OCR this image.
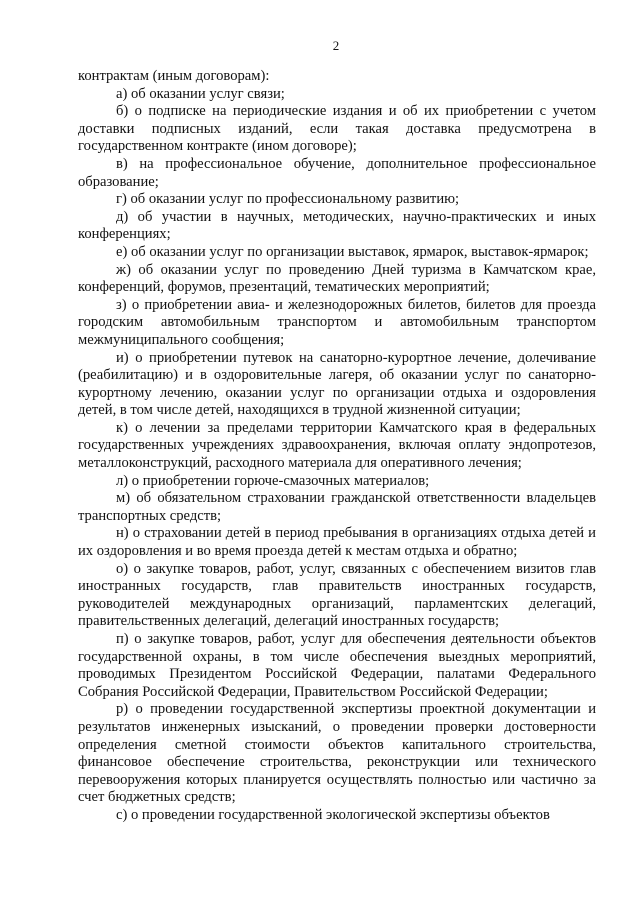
2

контрактам (иным договорам):

а) об оказании услуг связи;

б) о подписке на периодические издания и об их приобретении с учетом доставки подписных изданий, если такая доставка предусмотрена в государственном контракте (ином договоре);

в) на профессиональное обучение, дополнительное профессиональное образование;

г) об оказании услуг по профессиональному развитию;

д) об участии в научных, методических, научно-практических и иных конференциях;

е) об оказании услуг по организации выставок, ярмарок, выставок-ярмарок;

ж) об оказании услуг по проведению Дней туризма в Камчатском крае, конференций, форумов, презентаций, тематических мероприятий;

з) о приобретении авиа- и железнодорожных билетов, билетов для проезда городским автомобильным транспортом и автомобильным транспортом межмуниципального сообщения;

и) о приобретении путевок на санаторно-курортное лечение, долечивание (реабилитацию) и в оздоровительные лагеря, об оказании услуг по санаторно-курортному лечению, оказании услуг по организации отдыха и оздоровления детей, в том числе детей, находящихся в трудной жизненной ситуации;

к) о лечении за пределами территории Камчатского края в федеральных государственных учреждениях здравоохранения, включая оплату эндопротезов, металлоконструкций, расходного материала для оперативного лечения;

л) о приобретении горюче-смазочных материалов;

м) об обязательном страховании гражданской ответственности владельцев транспортных средств;

н) о страховании детей в период пребывания в организациях отдыха детей и их оздоровления и во время проезда детей к местам отдыха и обратно;

о) о закупке товаров, работ, услуг, связанных с обеспечением визитов глав иностранных государств, глав правительств иностранных государств, руководителей международных организаций, парламентских делегаций, правительственных делегаций, делегаций иностранных государств;

п) о закупке товаров, работ, услуг для обеспечения деятельности объектов государственной охраны, в том числе обеспечения выездных мероприятий, проводимых Президентом Российской Федерации, палатами Федерального Собрания Российской Федерации, Правительством Российской Федерации;

р) о проведении государственной экспертизы проектной документации и результатов инженерных изысканий, о проведении проверки достоверности определения сметной стоимости объектов капитального строительства, финансовое обеспечение строительства, реконструкции или технического перевооружения которых планируется осуществлять полностью или частично за счет бюджетных средств;

с) о проведении государственной экологической экспертизы объектов
